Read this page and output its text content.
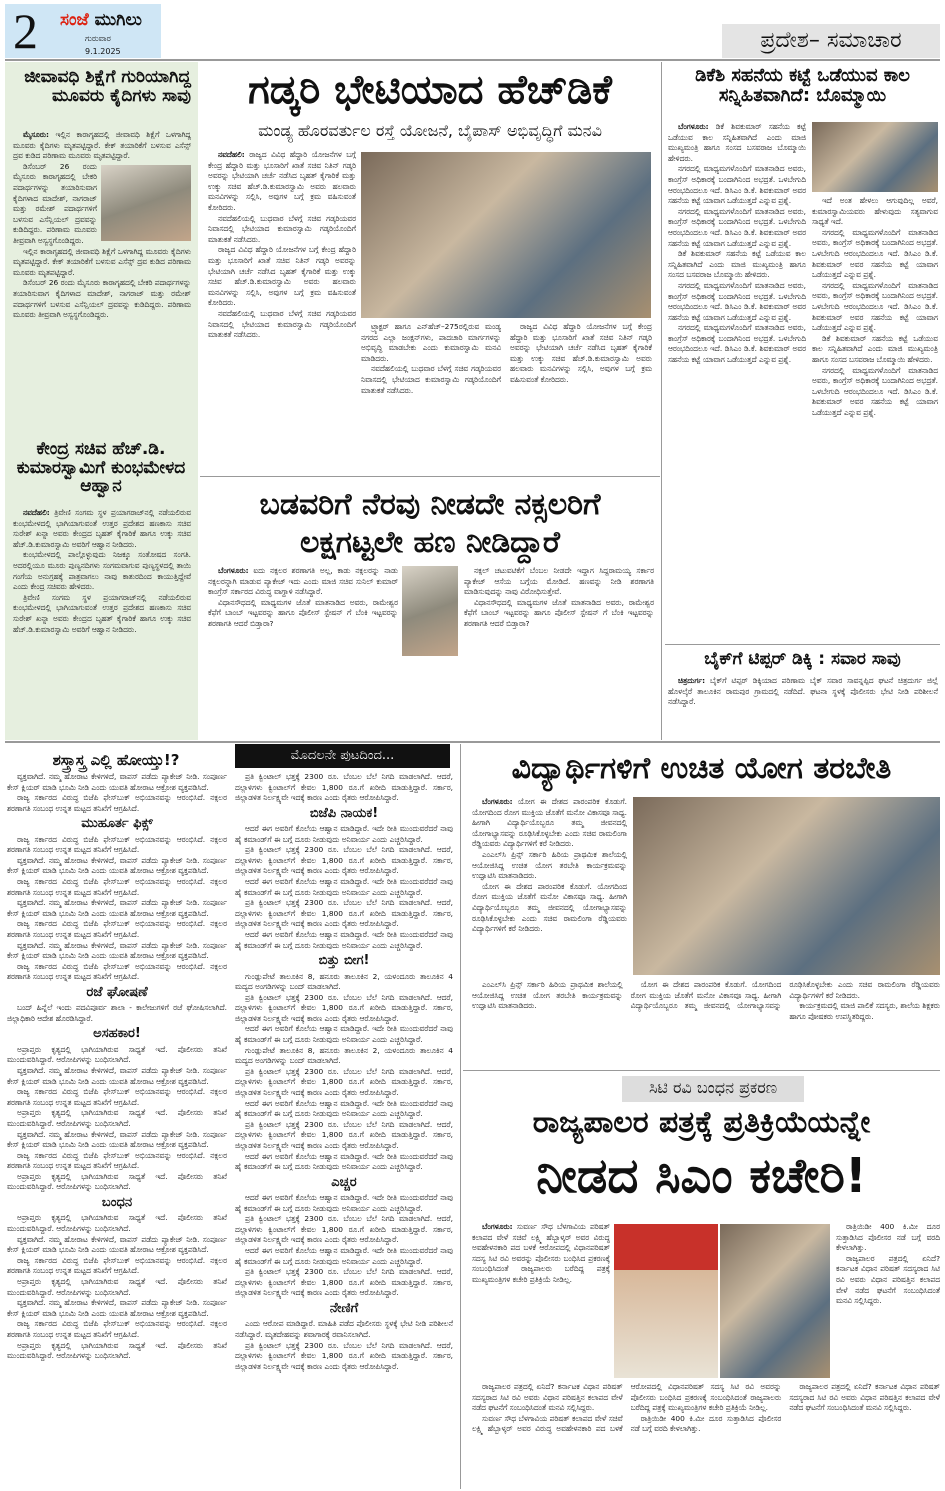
2 ಸಂಜೆ ಮುಗಿಲು
ಗುರುವಾರ
9.1.2025	ಪ್ರದೇಶ– ಸಮಾಚಾರ
ಜೀವಾವಧಿ ಶಿಕ್ಷೆಗೆ ಗುರಿಯಾಗಿದ್ದ ಮೂವರು ಕೈದಿಗಳು ಸಾವು

ಮೈಸೂರು: ಇಲ್ಲಿನ ಕಾರಾಗೃಹದಲ್ಲಿ ಜೀವಾವಧಿ ಶಿಕ್ಷೆಗೆ ಒಳಗಾಗಿದ್ದ ಮೂವರು ಕೈದಿಗಳು ಮೃತಪಟ್ಟಿದ್ದಾರೆ. ಕೇಕ್ ತಯಾರಿಕೆಗೆ ಬಳಸುವ ಎಸೆನ್ಸ್ ದ್ರವ ಕುಡಿದ ಪರಿಣಾಮ ಮೂವರು ಮೃತಪಟ್ಟಿದ್ದಾರೆ.

ಡಿಸೆಂಬರ್ 26 ರಂದು ಮೈಸೂರು ಕಾರಾಗೃಹದಲ್ಲಿ ಬೇಕರಿ ಪದಾರ್ಥಗಳನ್ನು ತಯಾರಿಸುವಾಗ ಕೈದಿಗಳಾದ ಮಾದೇಶ್, ನಾಗರಾಜ್ ಮತ್ತು ರಮೇಶ್ ಪದಾರ್ಥಗಳಿಗೆ ಬಳಸುವ ಎಸೆನ್ಷಿಯಲ್ ದ್ರವವನ್ನು ಕುಡಿದಿದ್ದರು. ಪರಿಣಾಮ ಮೂವರು ತೀವ್ರವಾಗಿ ಅಸ್ವಸ್ಥಗೊಂಡಿದ್ದರು.

ಇಲ್ಲಿನ ಕಾರಾಗೃಹದಲ್ಲಿ ಜೀವಾವಧಿ ಶಿಕ್ಷೆಗೆ ಒಳಗಾಗಿದ್ದ ಮೂವರು ಕೈದಿಗಳು ಮೃತಪಟ್ಟಿದ್ದಾರೆ. ಕೇಕ್ ತಯಾರಿಕೆಗೆ ಬಳಸುವ ಎಸೆನ್ಸ್ ದ್ರವ ಕುಡಿದ ಪರಿಣಾಮ ಮೂವರು ಮೃತಪಟ್ಟಿದ್ದಾರೆ.

ಡಿಸೆಂಬರ್ 26 ರಂದು ಮೈಸೂರು ಕಾರಾಗೃಹದಲ್ಲಿ ಬೇಕರಿ ಪದಾರ್ಥಗಳನ್ನು ತಯಾರಿಸುವಾಗ ಕೈದಿಗಳಾದ ಮಾದೇಶ್, ನಾಗರಾಜ್ ಮತ್ತು ರಮೇಶ್ ಪದಾರ್ಥಗಳಿಗೆ ಬಳಸುವ ಎಸೆನ್ಷಿಯಲ್ ದ್ರವವನ್ನು ಕುಡಿದಿದ್ದರು. ಪರಿಣಾಮ ಮೂವರು ತೀವ್ರವಾಗಿ ಅಸ್ವಸ್ಥಗೊಂಡಿದ್ದರು.

ಕೇಂದ್ರ ಸಚಿವ ಹೆಚ್.ಡಿ. ಕುಮಾರಸ್ವಾಮಿಗೆ ಕುಂಭಮೇಳದ ಆಹ್ವಾನ

ನವದೆಹಲಿ: ತ್ರಿವೇಣಿ ಸಂಗಮ ಸ್ಥಳ ಪ್ರಯಾಗರಾಜ್‌ನಲ್ಲಿ ನಡೆಯಲಿರುವ ಕುಂಭಮೇಳದಲ್ಲಿ ಭಾಗಿಯಾಗುವಂತೆ ಉತ್ತರ ಪ್ರದೇಶದ ಹಣಕಾಸು ಸಚಿವ ಸುರೇಶ್ ಖನ್ನಾ ಅವರು ಕೇಂದ್ರದ ಬೃಹತ್ ಕೈಗಾರಿಕೆ ಹಾಗೂ ಉಕ್ಕು ಸಚಿವ ಹೆಚ್.ಡಿ.ಕುಮಾರಸ್ವಾಮಿ ಅವರಿಗೆ ಆಹ್ವಾನ ನೀಡಿದರು.

ಕುಂಭಮೇಳದಲ್ಲಿ ಪಾಲ್ಗೊಳ್ಳುವುದು ನಿಜಕ್ಕೂ ಸಂತೋಷದ ಸಂಗತಿ. ಅದರಲ್ಲಿಯೂ ಮೂರು ಪುಣ್ಯನದಿಗಳು ಸಂಗಮವಾಗುವ ಪುಣ್ಯಸ್ಥಳದಲ್ಲಿ ತಾಯಿ ಗಂಗೆಯ ಅನುಗ್ರಹಕ್ಕೆ ಪಾತ್ರವಾಗಲು ನಾವು ಕಾತುರದಿಂದ ಕಾಯುತ್ತಿದ್ದೇವೆ ಎಂದು ಕೇಂದ್ರ ಸಚಿವರು ಹೇಳಿದರು.

ತ್ರಿವೇಣಿ ಸಂಗಮ ಸ್ಥಳ ಪ್ರಯಾಗರಾಜ್‌ನಲ್ಲಿ ನಡೆಯಲಿರುವ ಕುಂಭಮೇಳದಲ್ಲಿ ಭಾಗಿಯಾಗುವಂತೆ ಉತ್ತರ ಪ್ರದೇಶದ ಹಣಕಾಸು ಸಚಿವ ಸುರೇಶ್ ಖನ್ನಾ ಅವರು ಕೇಂದ್ರದ ಬೃಹತ್ ಕೈಗಾರಿಕೆ ಹಾಗೂ ಉಕ್ಕು ಸಚಿವ ಹೆಚ್.ಡಿ.ಕುಮಾರಸ್ವಾಮಿ ಅವರಿಗೆ ಆಹ್ವಾನ ನೀಡಿದರು.

ಗಡ್ಕರಿ ಭೇಟಿಯಾದ ಹೆಚ್‌ಡಿಕೆ
ಮಂಡ್ಯ ಹೊರವರ್ತುಲ ರಸ್ತೆ ಯೋಜನೆ, ಬೈಪಾಸ್ ಅಭಿವೃದ್ಧಿಗೆ ಮನವಿ

ನವದೆಹಲಿ: ರಾಜ್ಯದ ವಿವಿಧ ಹೆದ್ದಾರಿ ಯೋಜನೆಗಳ ಬಗ್ಗೆ ಕೇಂದ್ರ ಹೆದ್ದಾರಿ ಮತ್ತು ಭೂಸಾರಿಗೆ ಖಾತೆ ಸಚಿವ ನಿತಿನ್ ಗಡ್ಕರಿ ಅವರನ್ನು ಭೇಟಿಯಾಗಿ ಚರ್ಚೆ ನಡೆಸಿದ ಬೃಹತ್ ಕೈಗಾರಿಕೆ ಮತ್ತು ಉಕ್ಕು ಸಚಿವ ಹೆಚ್.ಡಿ.ಕುಮಾರಸ್ವಾಮಿ ಅವರು ಹಲವಾರು ಮನವಿಗಳನ್ನು ಸಲ್ಲಿಸಿ, ಅವುಗಳ ಬಗ್ಗೆ ಕ್ರಮ ವಹಿಸುವಂತೆ ಕೋರಿದರು.

ನವದೆಹಲಿಯಲ್ಲಿ ಬುಧವಾರ ಬೆಳಗ್ಗೆ ಸಚಿವ ಗಡ್ಕರಿಯವರ ನಿವಾಸದಲ್ಲಿ ಭೇಟಿಯಾದ ಕುಮಾರಸ್ವಾಮಿ ಗಡ್ಕರಿಯೊಂದಿಗೆ ಮಾತುಕತೆ ನಡೆಸಿದರು.

ರಾಜ್ಯದ ವಿವಿಧ ಹೆದ್ದಾರಿ ಯೋಜನೆಗಳ ಬಗ್ಗೆ ಕೇಂದ್ರ ಹೆದ್ದಾರಿ ಮತ್ತು ಭೂಸಾರಿಗೆ ಖಾತೆ ಸಚಿವ ನಿತಿನ್ ಗಡ್ಕರಿ ಅವರನ್ನು ಭೇಟಿಯಾಗಿ ಚರ್ಚೆ ನಡೆಸಿದ ಬೃಹತ್ ಕೈಗಾರಿಕೆ ಮತ್ತು ಉಕ್ಕು ಸಚಿವ ಹೆಚ್.ಡಿ.ಕುಮಾರಸ್ವಾಮಿ ಅವರು ಹಲವಾರು ಮನವಿಗಳನ್ನು ಸಲ್ಲಿಸಿ, ಅವುಗಳ ಬಗ್ಗೆ ಕ್ರಮ ವಹಿಸುವಂತೆ ಕೋರಿದರು.

ನವದೆಹಲಿಯಲ್ಲಿ ಬುಧವಾರ ಬೆಳಗ್ಗೆ ಸಚಿವ ಗಡ್ಕರಿಯವರ ನಿವಾಸದಲ್ಲಿ ಭೇಟಿಯಾದ ಕುಮಾರಸ್ವಾಮಿ ಗಡ್ಕರಿಯೊಂದಿಗೆ ಮಾತುಕತೆ ನಡೆಸಿದರು.

ಟ್ರ್ಯಾಕ್ಟರ್ ಹಾಗೂ ಎನ್‌ಹೆಚ್–275ರಲ್ಲಿರುವ ಮಂಡ್ಯ ನಗರದ ಎಲ್ಲಾ ಜಂಕ್ಷನ್‌ಗಳು, ಪಾದಚಾರಿ ಮಾರ್ಗಗಳನ್ನು ಅಭಿವೃದ್ಧಿ ಮಾಡಬೇಕು ಎಂದು ಕುಮಾರಸ್ವಾಮಿ ಮನವಿ ಮಾಡಿದರು.

ನವದೆಹಲಿಯಲ್ಲಿ ಬುಧವಾರ ಬೆಳಗ್ಗೆ ಸಚಿವ ಗಡ್ಕರಿಯವರ ನಿವಾಸದಲ್ಲಿ ಭೇಟಿಯಾದ ಕುಮಾರಸ್ವಾಮಿ ಗಡ್ಕರಿಯೊಂದಿಗೆ ಮಾತುಕತೆ ನಡೆಸಿದರು.

ರಾಜ್ಯದ ವಿವಿಧ ಹೆದ್ದಾರಿ ಯೋಜನೆಗಳ ಬಗ್ಗೆ ಕೇಂದ್ರ ಹೆದ್ದಾರಿ ಮತ್ತು ಭೂಸಾರಿಗೆ ಖಾತೆ ಸಚಿವ ನಿತಿನ್ ಗಡ್ಕರಿ ಅವರನ್ನು ಭೇಟಿಯಾಗಿ ಚರ್ಚೆ ನಡೆಸಿದ ಬೃಹತ್ ಕೈಗಾರಿಕೆ ಮತ್ತು ಉಕ್ಕು ಸಚಿವ ಹೆಚ್.ಡಿ.ಕುಮಾರಸ್ವಾಮಿ ಅವರು ಹಲವಾರು ಮನವಿಗಳನ್ನು ಸಲ್ಲಿಸಿ, ಅವುಗಳ ಬಗ್ಗೆ ಕ್ರಮ ವಹಿಸುವಂತೆ ಕೋರಿದರು.

ಬಡವರಿಗೆ ನೆರವು ನೀಡದೇ ನಕ್ಸಲರಿಗೆ
ಲಕ್ಷಗಟ್ಟಲೇ ಹಣ ನೀಡಿದ್ದಾರೆ

ಬೆಂಗಳೂರು: ಐದು ನಕ್ಸಲರ ಶರಣಾಗತಿ ಅಲ್ಲ, ಕಾಡು ನಕ್ಸಲರನ್ನು ನಾಡು ನಕ್ಸಲರನ್ನಾಗಿ ಮಾಡುವ ಪ್ಯಾಕೇಜ್ ಇದು ಎಂದು ಮಾಜಿ ಸಚಿವ ಸುನಿಲ್ ಕುಮಾರ್ ಕಾಂಗ್ರೆಸ್ ಸರ್ಕಾರದ ವಿರುದ್ಧ ವಾಗ್ದಾಳಿ ನಡೆಸಿದ್ದಾರೆ.

ವಿಧಾನಸೌಧದಲ್ಲಿ ಮಾಧ್ಯಮಗಳ ಜೊತೆ ಮಾತನಾಡಿದ ಅವರು, ರಾಮೇಶ್ವರ ಕೆಫೆಗೆ ಬಾಂಬ್ ಇಟ್ಟವರನ್ನು ಹಾಗೂ ಪೊಲೀಸ್ ಸ್ಟೇಷನ್ ಗೆ ಬೆಂಕಿ ಇಟ್ಟವರನ್ನು ಶರಣಾಗತಿ ಆದರೆ ಬಿಡ್ತಾರಾ?

ನಕ್ಸಲ್ ಚಟುವಟಿಕೆಗೆ ಬೆಂಬಲ ನೀಡದೇ ಇದ್ದಾಗ ಸಿದ್ದರಾಮಯ್ಯ ಸರ್ಕಾರ ಪ್ಯಾಕೇಜ್ ಆಸೆಯ ಬಗ್ಗೆಯ ಮೋಡಿದೆ. ಹಣವನ್ನು ನೀಡಿ ಶರಣಾಗತಿ ಮಾಡಿಸುವುದನ್ನು ನಾವು ವಿರೋಧಿಸುತ್ತೇವೆ.

ವಿಧಾನಸೌಧದಲ್ಲಿ ಮಾಧ್ಯಮಗಳ ಜೊತೆ ಮಾತನಾಡಿದ ಅವರು, ರಾಮೇಶ್ವರ ಕೆಫೆಗೆ ಬಾಂಬ್ ಇಟ್ಟವರನ್ನು ಹಾಗೂ ಪೊಲೀಸ್ ಸ್ಟೇಷನ್ ಗೆ ಬೆಂಕಿ ಇಟ್ಟವರನ್ನು ಶರಣಾಗತಿ ಆದರೆ ಬಿಡ್ತಾರಾ?

ಡಿಕೆಶಿ ಸಹನೆಯ ಕಟ್ಟೆ ಒಡೆಯುವ ಕಾಲ ಸನ್ನಿಹಿತವಾಗಿದೆ: ಬೊಮ್ಮಾಯಿ

ಬೆಂಗಳೂರು: ಡಿಕೆ ಶಿವಕುಮಾರ್ ಸಹನೆಯ ಕಟ್ಟೆ ಒಡೆಯುವ ಕಾಲ ಸನ್ನಿಹಿತವಾಗಿದೆ ಎಂದು ಮಾಜಿ ಮುಖ್ಯಮಂತ್ರಿ ಹಾಗೂ ಸಂಸದ ಬಸವರಾಜ ಬೊಮ್ಮಾಯಿ ಹೇಳಿದರು.

ನಗರದಲ್ಲಿ ಮಾಧ್ಯಮಗಳೊಂದಿಗೆ ಮಾತನಾಡಿದ ಅವರು, ಕಾಂಗ್ರೆಸ್ ಅಧಿಕಾರಕ್ಕೆ ಬಂದಾಗಿನಿಂದ ಅಭದ್ರತೆ. ಒಳಬೇಗುದಿ ಆರಂಭದಿಂದಲೂ ಇದೆ. ಡಿಸಿಎಂ ಡಿ.ಕೆ. ಶಿವಕುಮಾರ್ ಅವರ ಸಹನೆಯ ಕಟ್ಟೆ ಯಾವಾಗ ಒಡೆಯುತ್ತದೆ ಎನ್ನುವ ಪ್ರಶ್ನೆ.

ನಗರದಲ್ಲಿ ಮಾಧ್ಯಮಗಳೊಂದಿಗೆ ಮಾತನಾಡಿದ ಅವರು, ಕಾಂಗ್ರೆಸ್ ಅಧಿಕಾರಕ್ಕೆ ಬಂದಾಗಿನಿಂದ ಅಭದ್ರತೆ. ಒಳಬೇಗುದಿ ಆರಂಭದಿಂದಲೂ ಇದೆ. ಡಿಸಿಎಂ ಡಿ.ಕೆ. ಶಿವಕುಮಾರ್ ಅವರ ಸಹನೆಯ ಕಟ್ಟೆ ಯಾವಾಗ ಒಡೆಯುತ್ತದೆ ಎನ್ನುವ ಪ್ರಶ್ನೆ.

ಡಿಕೆ ಶಿವಕುಮಾರ್ ಸಹನೆಯ ಕಟ್ಟೆ ಒಡೆಯುವ ಕಾಲ ಸನ್ನಿಹಿತವಾಗಿದೆ ಎಂದು ಮಾಜಿ ಮುಖ್ಯಮಂತ್ರಿ ಹಾಗೂ ಸಂಸದ ಬಸವರಾಜ ಬೊಮ್ಮಾಯಿ ಹೇಳಿದರು.

ನಗರದಲ್ಲಿ ಮಾಧ್ಯಮಗಳೊಂದಿಗೆ ಮಾತನಾಡಿದ ಅವರು, ಕಾಂಗ್ರೆಸ್ ಅಧಿಕಾರಕ್ಕೆ ಬಂದಾಗಿನಿಂದ ಅಭದ್ರತೆ. ಒಳಬೇಗುದಿ ಆರಂಭದಿಂದಲೂ ಇದೆ. ಡಿಸಿಎಂ ಡಿ.ಕೆ. ಶಿವಕುಮಾರ್ ಅವರ ಸಹನೆಯ ಕಟ್ಟೆ ಯಾವಾಗ ಒಡೆಯುತ್ತದೆ ಎನ್ನುವ ಪ್ರಶ್ನೆ.

ನಗರದಲ್ಲಿ ಮಾಧ್ಯಮಗಳೊಂದಿಗೆ ಮಾತನಾಡಿದ ಅವರು, ಕಾಂಗ್ರೆಸ್ ಅಧಿಕಾರಕ್ಕೆ ಬಂದಾಗಿನಿಂದ ಅಭದ್ರತೆ. ಒಳಬೇಗುದಿ ಆರಂಭದಿಂದಲೂ ಇದೆ. ಡಿಸಿಎಂ ಡಿ.ಕೆ. ಶಿವಕುಮಾರ್ ಅವರ ಸಹನೆಯ ಕಟ್ಟೆ ಯಾವಾಗ ಒಡೆಯುತ್ತದೆ ಎನ್ನುವ ಪ್ರಶ್ನೆ.

ಇದೆ ಅಂತ ಹೇಳಲು ಆಗುವುದಿಲ್ಲ ಅವರೆ, ಕುಮಾರಸ್ವಾಮಿಯವರು ಹೇಳುವುದು ಸತ್ಯವಾಗುವ ಸಾಧ್ಯತೆ ಇದೆ.

ನಗರದಲ್ಲಿ ಮಾಧ್ಯಮಗಳೊಂದಿಗೆ ಮಾತನಾಡಿದ ಅವರು, ಕಾಂಗ್ರೆಸ್ ಅಧಿಕಾರಕ್ಕೆ ಬಂದಾಗಿನಿಂದ ಅಭದ್ರತೆ. ಒಳಬೇಗುದಿ ಆರಂಭದಿಂದಲೂ ಇದೆ. ಡಿಸಿಎಂ ಡಿ.ಕೆ. ಶಿವಕುಮಾರ್ ಅವರ ಸಹನೆಯ ಕಟ್ಟೆ ಯಾವಾಗ ಒಡೆಯುತ್ತದೆ ಎನ್ನುವ ಪ್ರಶ್ನೆ.

ನಗರದಲ್ಲಿ ಮಾಧ್ಯಮಗಳೊಂದಿಗೆ ಮಾತನಾಡಿದ ಅವರು, ಕಾಂಗ್ರೆಸ್ ಅಧಿಕಾರಕ್ಕೆ ಬಂದಾಗಿನಿಂದ ಅಭದ್ರತೆ. ಒಳಬೇಗುದಿ ಆರಂಭದಿಂದಲೂ ಇದೆ. ಡಿಸಿಎಂ ಡಿ.ಕೆ. ಶಿವಕುಮಾರ್ ಅವರ ಸಹನೆಯ ಕಟ್ಟೆ ಯಾವಾಗ ಒಡೆಯುತ್ತದೆ ಎನ್ನುವ ಪ್ರಶ್ನೆ.

ಡಿಕೆ ಶಿವಕುಮಾರ್ ಸಹನೆಯ ಕಟ್ಟೆ ಒಡೆಯುವ ಕಾಲ ಸನ್ನಿಹಿತವಾಗಿದೆ ಎಂದು ಮಾಜಿ ಮುಖ್ಯಮಂತ್ರಿ ಹಾಗೂ ಸಂಸದ ಬಸವರಾಜ ಬೊಮ್ಮಾಯಿ ಹೇಳಿದರು.

ನಗರದಲ್ಲಿ ಮಾಧ್ಯಮಗಳೊಂದಿಗೆ ಮಾತನಾಡಿದ ಅವರು, ಕಾಂಗ್ರೆಸ್ ಅಧಿಕಾರಕ್ಕೆ ಬಂದಾಗಿನಿಂದ ಅಭದ್ರತೆ. ಒಳಬೇಗುದಿ ಆರಂಭದಿಂದಲೂ ಇದೆ. ಡಿಸಿಎಂ ಡಿ.ಕೆ. ಶಿವಕುಮಾರ್ ಅವರ ಸಹನೆಯ ಕಟ್ಟೆ ಯಾವಾಗ ಒಡೆಯುತ್ತದೆ ಎನ್ನುವ ಪ್ರಶ್ನೆ.

ಬೈಕ್‌ಗೆ ಟಿಪ್ಪರ್ ಡಿಕ್ಕಿ : ಸವಾರ ಸಾವು

ಚಿತ್ರದುರ್ಗ: ಬೈಕ್‌ಗೆ ಟಿಪ್ಪರ್ ಡಿಕ್ಕಿಯಾದ ಪರಿಣಾಮ ಬೈಕ್ ಸವಾರ ಸಾವನ್ನಪ್ಪಿದ ಘಟನೆ ಚಿತ್ರದುರ್ಗ ಜಿಲ್ಲೆ ಹೊಳಲ್ಕೆರೆ ತಾಲೂಕಿನ ರಾಮಪುರ ಗ್ರಾಮದಲ್ಲಿ ನಡೆದಿದೆ. ಘಟನಾ ಸ್ಥಳಕ್ಕೆ ಪೊಲೀಸರು ಭೇಟಿ ನೀಡಿ ಪರಿಶೀಲನೆ ನಡೆಸಿದ್ದಾರೆ.

ಶಸ್ತ್ರಾಸ್ತ್ರ ಎಲ್ಲಿ ಹೋಯ್ತು!?

ವ್ಯಕ್ತವಾಗಿದೆ. ನಮ್ಮ ಹೋರಾಟ ಕೇಳಿಗಳಿದೆ, ವಾಪಸ್ ಪಡೆದು ಪ್ಯಾಕೇಜ್ ನೀಡಿ. ಸಂಪೂರ್ಣ ಕೇಸ್ ಕ್ಲಿಯರ್ ಮಾಡಿ ಭೂಮಿ ನೀಡಿ ಎಂದು ಯುವತಿ ಹೋರಾಟ ಆಕ್ರೋಶ ವ್ಯಕ್ತಪಡಿಸಿದೆ.

ರಾಜ್ಯ ಸರ್ಕಾರದ ವಿರುದ್ಧ ಬಿಜೆಪಿ ಫೇಸ್‌ಬುಕ್ ಅಭಿಯಾನವನ್ನು ಆರಂಭಿಸಿದೆ. ನಕ್ಸಲರ ಶರಣಾಗತಿ ಸಂಬಂಧ ಉನ್ನತ ಮಟ್ಟದ ತನಿಖೆಗೆ ಆಗ್ರಹಿಸಿದೆ.

ಮುಹೂರ್ತ ಫಿಕ್ಸ್

ರಾಜ್ಯ ಸರ್ಕಾರದ ವಿರುದ್ಧ ಬಿಜೆಪಿ ಫೇಸ್‌ಬುಕ್ ಅಭಿಯಾನವನ್ನು ಆರಂಭಿಸಿದೆ. ನಕ್ಸಲರ ಶರಣಾಗತಿ ಸಂಬಂಧ ಉನ್ನತ ಮಟ್ಟದ ತನಿಖೆಗೆ ಆಗ್ರಹಿಸಿದೆ.

ವ್ಯಕ್ತವಾಗಿದೆ. ನಮ್ಮ ಹೋರಾಟ ಕೇಳಿಗಳಿದೆ, ವಾಪಸ್ ಪಡೆದು ಪ್ಯಾಕೇಜ್ ನೀಡಿ. ಸಂಪೂರ್ಣ ಕೇಸ್ ಕ್ಲಿಯರ್ ಮಾಡಿ ಭೂಮಿ ನೀಡಿ ಎಂದು ಯುವತಿ ಹೋರಾಟ ಆಕ್ರೋಶ ವ್ಯಕ್ತಪಡಿಸಿದೆ.

ರಾಜ್ಯ ಸರ್ಕಾರದ ವಿರುದ್ಧ ಬಿಜೆಪಿ ಫೇಸ್‌ಬುಕ್ ಅಭಿಯಾನವನ್ನು ಆರಂಭಿಸಿದೆ. ನಕ್ಸಲರ ಶರಣಾಗತಿ ಸಂಬಂಧ ಉನ್ನತ ಮಟ್ಟದ ತನಿಖೆಗೆ ಆಗ್ರಹಿಸಿದೆ.

ವ್ಯಕ್ತವಾಗಿದೆ. ನಮ್ಮ ಹೋರಾಟ ಕೇಳಿಗಳಿದೆ, ವಾಪಸ್ ಪಡೆದು ಪ್ಯಾಕೇಜ್ ನೀಡಿ. ಸಂಪೂರ್ಣ ಕೇಸ್ ಕ್ಲಿಯರ್ ಮಾಡಿ ಭೂಮಿ ನೀಡಿ ಎಂದು ಯುವತಿ ಹೋರಾಟ ಆಕ್ರೋಶ ವ್ಯಕ್ತಪಡಿಸಿದೆ.

ರಾಜ್ಯ ಸರ್ಕಾರದ ವಿರುದ್ಧ ಬಿಜೆಪಿ ಫೇಸ್‌ಬುಕ್ ಅಭಿಯಾನವನ್ನು ಆರಂಭಿಸಿದೆ. ನಕ್ಸಲರ ಶರಣಾಗತಿ ಸಂಬಂಧ ಉನ್ನತ ಮಟ್ಟದ ತನಿಖೆಗೆ ಆಗ್ರಹಿಸಿದೆ.

ವ್ಯಕ್ತವಾಗಿದೆ. ನಮ್ಮ ಹೋರಾಟ ಕೇಳಿಗಳಿದೆ, ವಾಪಸ್ ಪಡೆದು ಪ್ಯಾಕೇಜ್ ನೀಡಿ. ಸಂಪೂರ್ಣ ಕೇಸ್ ಕ್ಲಿಯರ್ ಮಾಡಿ ಭೂಮಿ ನೀಡಿ ಎಂದು ಯುವತಿ ಹೋರಾಟ ಆಕ್ರೋಶ ವ್ಯಕ್ತಪಡಿಸಿದೆ.

ರಾಜ್ಯ ಸರ್ಕಾರದ ವಿರುದ್ಧ ಬಿಜೆಪಿ ಫೇಸ್‌ಬುಕ್ ಅಭಿಯಾನವನ್ನು ಆರಂಭಿಸಿದೆ. ನಕ್ಸಲರ ಶರಣಾಗತಿ ಸಂಬಂಧ ಉನ್ನತ ಮಟ್ಟದ ತನಿಖೆಗೆ ಆಗ್ರಹಿಸಿದೆ.

ರಜೆ ಘೋಷಣೆ

ಬಂದ್ ಹಿನ್ನೆಲೆ ಇಂದು ಪದವಿಪೂರ್ವ ಶಾಲಾ - ಕಾಲೇಜುಗಳಿಗೆ ರಜೆ ಘೋಷಿಸಲಾಗಿದೆ. ಜಿಲ್ಲಾಧಿಕಾರಿ ಆದೇಶ ಹೊರಡಿಸಿದ್ದಾರೆ.

ಅಸಹಕಾರ!

ಅಪ್ರಾಪ್ತರು ಕೃತ್ಯದಲ್ಲಿ ಭಾಗಿಯಾಗಿರುವ ಸಾಧ್ಯತೆ ಇದೆ. ಪೊಲೀಸರು ತನಿಖೆ ಮುಂದುವರಿಸಿದ್ದಾರೆ. ಆರೋಪಿಗಳನ್ನು ಬಂಧಿಸಲಾಗಿದೆ.

ವ್ಯಕ್ತವಾಗಿದೆ. ನಮ್ಮ ಹೋರಾಟ ಕೇಳಿಗಳಿದೆ, ವಾಪಸ್ ಪಡೆದು ಪ್ಯಾಕೇಜ್ ನೀಡಿ. ಸಂಪೂರ್ಣ ಕೇಸ್ ಕ್ಲಿಯರ್ ಮಾಡಿ ಭೂಮಿ ನೀಡಿ ಎಂದು ಯುವತಿ ಹೋರಾಟ ಆಕ್ರೋಶ ವ್ಯಕ್ತಪಡಿಸಿದೆ.

ರಾಜ್ಯ ಸರ್ಕಾರದ ವಿರುದ್ಧ ಬಿಜೆಪಿ ಫೇಸ್‌ಬುಕ್ ಅಭಿಯಾನವನ್ನು ಆರಂಭಿಸಿದೆ. ನಕ್ಸಲರ ಶರಣಾಗತಿ ಸಂಬಂಧ ಉನ್ನತ ಮಟ್ಟದ ತನಿಖೆಗೆ ಆಗ್ರಹಿಸಿದೆ.

ಅಪ್ರಾಪ್ತರು ಕೃತ್ಯದಲ್ಲಿ ಭಾಗಿಯಾಗಿರುವ ಸಾಧ್ಯತೆ ಇದೆ. ಪೊಲೀಸರು ತನಿಖೆ ಮುಂದುವರಿಸಿದ್ದಾರೆ. ಆರೋಪಿಗಳನ್ನು ಬಂಧಿಸಲಾಗಿದೆ.

ವ್ಯಕ್ತವಾಗಿದೆ. ನಮ್ಮ ಹೋರಾಟ ಕೇಳಿಗಳಿದೆ, ವಾಪಸ್ ಪಡೆದು ಪ್ಯಾಕೇಜ್ ನೀಡಿ. ಸಂಪೂರ್ಣ ಕೇಸ್ ಕ್ಲಿಯರ್ ಮಾಡಿ ಭೂಮಿ ನೀಡಿ ಎಂದು ಯುವತಿ ಹೋರಾಟ ಆಕ್ರೋಶ ವ್ಯಕ್ತಪಡಿಸಿದೆ.

ರಾಜ್ಯ ಸರ್ಕಾರದ ವಿರುದ್ಧ ಬಿಜೆಪಿ ಫೇಸ್‌ಬುಕ್ ಅಭಿಯಾನವನ್ನು ಆರಂಭಿಸಿದೆ. ನಕ್ಸಲರ ಶರಣಾಗತಿ ಸಂಬಂಧ ಉನ್ನತ ಮಟ್ಟದ ತನಿಖೆಗೆ ಆಗ್ರಹಿಸಿದೆ.

ಅಪ್ರಾಪ್ತರು ಕೃತ್ಯದಲ್ಲಿ ಭಾಗಿಯಾಗಿರುವ ಸಾಧ್ಯತೆ ಇದೆ. ಪೊಲೀಸರು ತನಿಖೆ ಮುಂದುವರಿಸಿದ್ದಾರೆ. ಆರೋಪಿಗಳನ್ನು ಬಂಧಿಸಲಾಗಿದೆ.

ಬಂಧನ

ಅಪ್ರಾಪ್ತರು ಕೃತ್ಯದಲ್ಲಿ ಭಾಗಿಯಾಗಿರುವ ಸಾಧ್ಯತೆ ಇದೆ. ಪೊಲೀಸರು ತನಿಖೆ ಮುಂದುವರಿಸಿದ್ದಾರೆ. ಆರೋಪಿಗಳನ್ನು ಬಂಧಿಸಲಾಗಿದೆ.

ವ್ಯಕ್ತವಾಗಿದೆ. ನಮ್ಮ ಹೋರಾಟ ಕೇಳಿಗಳಿದೆ, ವಾಪಸ್ ಪಡೆದು ಪ್ಯಾಕೇಜ್ ನೀಡಿ. ಸಂಪೂರ್ಣ ಕೇಸ್ ಕ್ಲಿಯರ್ ಮಾಡಿ ಭೂಮಿ ನೀಡಿ ಎಂದು ಯುವತಿ ಹೋರಾಟ ಆಕ್ರೋಶ ವ್ಯಕ್ತಪಡಿಸಿದೆ.

ರಾಜ್ಯ ಸರ್ಕಾರದ ವಿರುದ್ಧ ಬಿಜೆಪಿ ಫೇಸ್‌ಬುಕ್ ಅಭಿಯಾನವನ್ನು ಆರಂಭಿಸಿದೆ. ನಕ್ಸಲರ ಶರಣಾಗತಿ ಸಂಬಂಧ ಉನ್ನತ ಮಟ್ಟದ ತನಿಖೆಗೆ ಆಗ್ರಹಿಸಿದೆ.

ಅಪ್ರಾಪ್ತರು ಕೃತ್ಯದಲ್ಲಿ ಭಾಗಿಯಾಗಿರುವ ಸಾಧ್ಯತೆ ಇದೆ. ಪೊಲೀಸರು ತನಿಖೆ ಮುಂದುವರಿಸಿದ್ದಾರೆ. ಆರೋಪಿಗಳನ್ನು ಬಂಧಿಸಲಾಗಿದೆ.

ವ್ಯಕ್ತವಾಗಿದೆ. ನಮ್ಮ ಹೋರಾಟ ಕೇಳಿಗಳಿದೆ, ವಾಪಸ್ ಪಡೆದು ಪ್ಯಾಕೇಜ್ ನೀಡಿ. ಸಂಪೂರ್ಣ ಕೇಸ್ ಕ್ಲಿಯರ್ ಮಾಡಿ ಭೂಮಿ ನೀಡಿ ಎಂದು ಯುವತಿ ಹೋರಾಟ ಆಕ್ರೋಶ ವ್ಯಕ್ತಪಡಿಸಿದೆ.

ರಾಜ್ಯ ಸರ್ಕಾರದ ವಿರುದ್ಧ ಬಿಜೆಪಿ ಫೇಸ್‌ಬುಕ್ ಅಭಿಯಾನವನ್ನು ಆರಂಭಿಸಿದೆ. ನಕ್ಸಲರ ಶರಣಾಗತಿ ಸಂಬಂಧ ಉನ್ನತ ಮಟ್ಟದ ತನಿಖೆಗೆ ಆಗ್ರಹಿಸಿದೆ.

ಅಪ್ರಾಪ್ತರು ಕೃತ್ಯದಲ್ಲಿ ಭಾಗಿಯಾಗಿರುವ ಸಾಧ್ಯತೆ ಇದೆ. ಪೊಲೀಸರು ತನಿಖೆ ಮುಂದುವರಿಸಿದ್ದಾರೆ. ಆರೋಪಿಗಳನ್ನು ಬಂಧಿಸಲಾಗಿದೆ.

ಮೊದಲನೇ ಪುಟದಿಂದ...

ಪ್ರತಿ ಕ್ವಿಂಟಾಲ್ ಭತ್ತಕ್ಕೆ 2300 ರೂ. ಬೆಂಬಲ ಬೆಲೆ ನಿಗದಿ ಮಾಡಲಾಗಿದೆ. ಆದರೆ, ದಲ್ಲಾಳಿಗಳು ಕ್ವಿಂಟಾಲ್‌ಗೆ ಕೇವಲ 1,800 ರೂ.ಗೆ ಖರೀದಿ ಮಾಡುತ್ತಿದ್ದಾರೆ. ಸರ್ಕಾರ, ಜಿಲ್ಲಾಡಳಿತ ನಿರ್ಲಕ್ಷ್ಯವೇ ಇದಕ್ಕೆ ಕಾರಣ ಎಂದು ರೈತರು ಆರೋಪಿಸಿದ್ದಾರೆ.

ಬಿಜೆಪಿ ನಾಯಕ!

ಆದರೆ ಈಗ ಅವರಿಗೆ ಕೊಲೆಯ ಆಹ್ವಾನ ಮಾಡಿದ್ದಾರೆ. ಇದೇ ರೀತಿ ಮುಂದುವರೆದರೆ ನಾವು ಹೈ ಕಮಾಂಡ್‌ಗೆ ಈ ಬಗ್ಗೆ ದೂರು ನೀಡುವುದು ಅನಿವಾರ್ಯ ಎಂದು ಎಚ್ಚರಿಸಿದ್ದಾರೆ.

ಪ್ರತಿ ಕ್ವಿಂಟಾಲ್ ಭತ್ತಕ್ಕೆ 2300 ರೂ. ಬೆಂಬಲ ಬೆಲೆ ನಿಗದಿ ಮಾಡಲಾಗಿದೆ. ಆದರೆ, ದಲ್ಲಾಳಿಗಳು ಕ್ವಿಂಟಾಲ್‌ಗೆ ಕೇವಲ 1,800 ರೂ.ಗೆ ಖರೀದಿ ಮಾಡುತ್ತಿದ್ದಾರೆ. ಸರ್ಕಾರ, ಜಿಲ್ಲಾಡಳಿತ ನಿರ್ಲಕ್ಷ್ಯವೇ ಇದಕ್ಕೆ ಕಾರಣ ಎಂದು ರೈತರು ಆರೋಪಿಸಿದ್ದಾರೆ.

ಆದರೆ ಈಗ ಅವರಿಗೆ ಕೊಲೆಯ ಆಹ್ವಾನ ಮಾಡಿದ್ದಾರೆ. ಇದೇ ರೀತಿ ಮುಂದುವರೆದರೆ ನಾವು ಹೈ ಕಮಾಂಡ್‌ಗೆ ಈ ಬಗ್ಗೆ ದೂರು ನೀಡುವುದು ಅನಿವಾರ್ಯ ಎಂದು ಎಚ್ಚರಿಸಿದ್ದಾರೆ.

ಪ್ರತಿ ಕ್ವಿಂಟಾಲ್ ಭತ್ತಕ್ಕೆ 2300 ರೂ. ಬೆಂಬಲ ಬೆಲೆ ನಿಗದಿ ಮಾಡಲಾಗಿದೆ. ಆದರೆ, ದಲ್ಲಾಳಿಗಳು ಕ್ವಿಂಟಾಲ್‌ಗೆ ಕೇವಲ 1,800 ರೂ.ಗೆ ಖರೀದಿ ಮಾಡುತ್ತಿದ್ದಾರೆ. ಸರ್ಕಾರ, ಜಿಲ್ಲಾಡಳಿತ ನಿರ್ಲಕ್ಷ್ಯವೇ ಇದಕ್ಕೆ ಕಾರಣ ಎಂದು ರೈತರು ಆರೋಪಿಸಿದ್ದಾರೆ.

ಆದರೆ ಈಗ ಅವರಿಗೆ ಕೊಲೆಯ ಆಹ್ವಾನ ಮಾಡಿದ್ದಾರೆ. ಇದೇ ರೀತಿ ಮುಂದುವರೆದರೆ ನಾವು ಹೈ ಕಮಾಂಡ್‌ಗೆ ಈ ಬಗ್ಗೆ ದೂರು ನೀಡುವುದು ಅನಿವಾರ್ಯ ಎಂದು ಎಚ್ಚರಿಸಿದ್ದಾರೆ.

ಬಿತ್ತು ಬೀಗ!

ಗುಂಡ್ಲುಪೇಟೆ ತಾಲೂಕಿನ 8, ಹನೂರು ತಾಲೂಕಿನ 2, ಯಳಂದೂರು ತಾಲೂಕಿನ 4 ಮದ್ಯದ ಅಂಗಡಿಗಳನ್ನು ಬಂದ್ ಮಾಡಲಾಗಿದೆ.

ಪ್ರತಿ ಕ್ವಿಂಟಾಲ್ ಭತ್ತಕ್ಕೆ 2300 ರೂ. ಬೆಂಬಲ ಬೆಲೆ ನಿಗದಿ ಮಾಡಲಾಗಿದೆ. ಆದರೆ, ದಲ್ಲಾಳಿಗಳು ಕ್ವಿಂಟಾಲ್‌ಗೆ ಕೇವಲ 1,800 ರೂ.ಗೆ ಖರೀದಿ ಮಾಡುತ್ತಿದ್ದಾರೆ. ಸರ್ಕಾರ, ಜಿಲ್ಲಾಡಳಿತ ನಿರ್ಲಕ್ಷ್ಯವೇ ಇದಕ್ಕೆ ಕಾರಣ ಎಂದು ರೈತರು ಆರೋಪಿಸಿದ್ದಾರೆ.

ಆದರೆ ಈಗ ಅವರಿಗೆ ಕೊಲೆಯ ಆಹ್ವಾನ ಮಾಡಿದ್ದಾರೆ. ಇದೇ ರೀತಿ ಮುಂದುವರೆದರೆ ನಾವು ಹೈ ಕಮಾಂಡ್‌ಗೆ ಈ ಬಗ್ಗೆ ದೂರು ನೀಡುವುದು ಅನಿವಾರ್ಯ ಎಂದು ಎಚ್ಚರಿಸಿದ್ದಾರೆ.

ಗುಂಡ್ಲುಪೇಟೆ ತಾಲೂಕಿನ 8, ಹನೂರು ತಾಲೂಕಿನ 2, ಯಳಂದೂರು ತಾಲೂಕಿನ 4 ಮದ್ಯದ ಅಂಗಡಿಗಳನ್ನು ಬಂದ್ ಮಾಡಲಾಗಿದೆ.

ಪ್ರತಿ ಕ್ವಿಂಟಾಲ್ ಭತ್ತಕ್ಕೆ 2300 ರೂ. ಬೆಂಬಲ ಬೆಲೆ ನಿಗದಿ ಮಾಡಲಾಗಿದೆ. ಆದರೆ, ದಲ್ಲಾಳಿಗಳು ಕ್ವಿಂಟಾಲ್‌ಗೆ ಕೇವಲ 1,800 ರೂ.ಗೆ ಖರೀದಿ ಮಾಡುತ್ತಿದ್ದಾರೆ. ಸರ್ಕಾರ, ಜಿಲ್ಲಾಡಳಿತ ನಿರ್ಲಕ್ಷ್ಯವೇ ಇದಕ್ಕೆ ಕಾರಣ ಎಂದು ರೈತರು ಆರೋಪಿಸಿದ್ದಾರೆ.

ಆದರೆ ಈಗ ಅವರಿಗೆ ಕೊಲೆಯ ಆಹ್ವಾನ ಮಾಡಿದ್ದಾರೆ. ಇದೇ ರೀತಿ ಮುಂದುವರೆದರೆ ನಾವು ಹೈ ಕಮಾಂಡ್‌ಗೆ ಈ ಬಗ್ಗೆ ದೂರು ನೀಡುವುದು ಅನಿವಾರ್ಯ ಎಂದು ಎಚ್ಚರಿಸಿದ್ದಾರೆ.

ಪ್ರತಿ ಕ್ವಿಂಟಾಲ್ ಭತ್ತಕ್ಕೆ 2300 ರೂ. ಬೆಂಬಲ ಬೆಲೆ ನಿಗದಿ ಮಾಡಲಾಗಿದೆ. ಆದರೆ, ದಲ್ಲಾಳಿಗಳು ಕ್ವಿಂಟಾಲ್‌ಗೆ ಕೇವಲ 1,800 ರೂ.ಗೆ ಖರೀದಿ ಮಾಡುತ್ತಿದ್ದಾರೆ. ಸರ್ಕಾರ, ಜಿಲ್ಲಾಡಳಿತ ನಿರ್ಲಕ್ಷ್ಯವೇ ಇದಕ್ಕೆ ಕಾರಣ ಎಂದು ರೈತರು ಆರೋಪಿಸಿದ್ದಾರೆ.

ಆದರೆ ಈಗ ಅವರಿಗೆ ಕೊಲೆಯ ಆಹ್ವಾನ ಮಾಡಿದ್ದಾರೆ. ಇದೇ ರೀತಿ ಮುಂದುವರೆದರೆ ನಾವು ಹೈ ಕಮಾಂಡ್‌ಗೆ ಈ ಬಗ್ಗೆ ದೂರು ನೀಡುವುದು ಅನಿವಾರ್ಯ ಎಂದು ಎಚ್ಚರಿಸಿದ್ದಾರೆ.

ಎಚ್ಚರ

ಆದರೆ ಈಗ ಅವರಿಗೆ ಕೊಲೆಯ ಆಹ್ವಾನ ಮಾಡಿದ್ದಾರೆ. ಇದೇ ರೀತಿ ಮುಂದುವರೆದರೆ ನಾವು ಹೈ ಕಮಾಂಡ್‌ಗೆ ಈ ಬಗ್ಗೆ ದೂರು ನೀಡುವುದು ಅನಿವಾರ್ಯ ಎಂದು ಎಚ್ಚರಿಸಿದ್ದಾರೆ.

ಪ್ರತಿ ಕ್ವಿಂಟಾಲ್ ಭತ್ತಕ್ಕೆ 2300 ರೂ. ಬೆಂಬಲ ಬೆಲೆ ನಿಗದಿ ಮಾಡಲಾಗಿದೆ. ಆದರೆ, ದಲ್ಲಾಳಿಗಳು ಕ್ವಿಂಟಾಲ್‌ಗೆ ಕೇವಲ 1,800 ರೂ.ಗೆ ಖರೀದಿ ಮಾಡುತ್ತಿದ್ದಾರೆ. ಸರ್ಕಾರ, ಜಿಲ್ಲಾಡಳಿತ ನಿರ್ಲಕ್ಷ್ಯವೇ ಇದಕ್ಕೆ ಕಾರಣ ಎಂದು ರೈತರು ಆರೋಪಿಸಿದ್ದಾರೆ.

ಆದರೆ ಈಗ ಅವರಿಗೆ ಕೊಲೆಯ ಆಹ್ವಾನ ಮಾಡಿದ್ದಾರೆ. ಇದೇ ರೀತಿ ಮುಂದುವರೆದರೆ ನಾವು ಹೈ ಕಮಾಂಡ್‌ಗೆ ಈ ಬಗ್ಗೆ ದೂರು ನೀಡುವುದು ಅನಿವಾರ್ಯ ಎಂದು ಎಚ್ಚರಿಸಿದ್ದಾರೆ.

ಪ್ರತಿ ಕ್ವಿಂಟಾಲ್ ಭತ್ತಕ್ಕೆ 2300 ರೂ. ಬೆಂಬಲ ಬೆಲೆ ನಿಗದಿ ಮಾಡಲಾಗಿದೆ. ಆದರೆ, ದಲ್ಲಾಳಿಗಳು ಕ್ವಿಂಟಾಲ್‌ಗೆ ಕೇವಲ 1,800 ರೂ.ಗೆ ಖರೀದಿ ಮಾಡುತ್ತಿದ್ದಾರೆ. ಸರ್ಕಾರ, ಜಿಲ್ಲಾಡಳಿತ ನಿರ್ಲಕ್ಷ್ಯವೇ ಇದಕ್ಕೆ ಕಾರಣ ಎಂದು ರೈತರು ಆರೋಪಿಸಿದ್ದಾರೆ.

ನೇಣಿಗೆ

ಎಂದು ಆರೋಪ ಮಾಡಿದ್ದಾರೆ. ಮಾಹಿತಿ ಪಡೆದ ಪೊಲೀಸರು ಸ್ಥಳಕ್ಕೆ ಭೇಟಿ ನೀಡಿ ಪರಿಶೀಲನೆ ನಡೆಸಿದ್ದಾರೆ. ಮೃತದೇಹವನ್ನು ಶವಾಗಾರಕ್ಕೆ ರವಾನಿಸಲಾಗಿದೆ.

ಪ್ರತಿ ಕ್ವಿಂಟಾಲ್ ಭತ್ತಕ್ಕೆ 2300 ರೂ. ಬೆಂಬಲ ಬೆಲೆ ನಿಗದಿ ಮಾಡಲಾಗಿದೆ. ಆದರೆ, ದಲ್ಲಾಳಿಗಳು ಕ್ವಿಂಟಾಲ್‌ಗೆ ಕೇವಲ 1,800 ರೂ.ಗೆ ಖರೀದಿ ಮಾಡುತ್ತಿದ್ದಾರೆ. ಸರ್ಕಾರ, ಜಿಲ್ಲಾಡಳಿತ ನಿರ್ಲಕ್ಷ್ಯವೇ ಇದಕ್ಕೆ ಕಾರಣ ಎಂದು ರೈತರು ಆರೋಪಿಸಿದ್ದಾರೆ.

ವಿದ್ಯಾರ್ಥಿಗಳಿಗೆ ಉಚಿತ ಯೋಗ ತರಬೇತಿ

ಬೆಂಗಳೂರು: ಯೋಗ ಈ ದೇಶದ ಪಾರಂಪರಿಕ ಕೊಡುಗೆ. ಯೋಗದಿಂದ ರೋಗ ಮುಕ್ತಿಯ ಜೊತೆಗೆ ಮನೋ ವಿಕಾಸವೂ ಸಾಧ್ಯ. ಹೀಗಾಗಿ ವಿದ್ಯಾರ್ಥಿಯೊಬ್ಬರೂ ತಮ್ಮ ಜೀವನದಲ್ಲಿ ಯೋಗಾಭ್ಯಾಸವನ್ನು ರೂಢಿಸಿಕೊಳ್ಳಬೇಕು ಎಂದು ಸಚಿವ ರಾಮಲಿಂಗಾ ರೆಡ್ಡಿಯವರು ವಿದ್ಯಾರ್ಥಿಗಳಿಗೆ ಕರೆ ನೀಡಿದರು.

ಎಂಎಲ್‌ಸಿ ಪ್ರಿನ್ಸ್ ಸರ್ಕಾರಿ ಹಿರಿಯ ಪ್ರಾಥಮಿಕ ಶಾಲೆಯಲ್ಲಿ ಆಯೋಜಿಸಿದ್ದ ಉಚಿತ ಯೋಗ ತರಬೇತಿ ಕಾರ್ಯಕ್ರಮವನ್ನು ಉದ್ಘಾಟಿಸಿ ಮಾತನಾಡಿದರು.

ಯೋಗ ಈ ದೇಶದ ಪಾರಂಪರಿಕ ಕೊಡುಗೆ. ಯೋಗದಿಂದ ರೋಗ ಮುಕ್ತಿಯ ಜೊತೆಗೆ ಮನೋ ವಿಕಾಸವೂ ಸಾಧ್ಯ. ಹೀಗಾಗಿ ವಿದ್ಯಾರ್ಥಿಯೊಬ್ಬರೂ ತಮ್ಮ ಜೀವನದಲ್ಲಿ ಯೋಗಾಭ್ಯಾಸವನ್ನು ರೂಢಿಸಿಕೊಳ್ಳಬೇಕು ಎಂದು ಸಚಿವ ರಾಮಲಿಂಗಾ ರೆಡ್ಡಿಯವರು ವಿದ್ಯಾರ್ಥಿಗಳಿಗೆ ಕರೆ ನೀಡಿದರು.

ಎಂಎಲ್‌ಸಿ ಪ್ರಿನ್ಸ್ ಸರ್ಕಾರಿ ಹಿರಿಯ ಪ್ರಾಥಮಿಕ ಶಾಲೆಯಲ್ಲಿ ಆಯೋಜಿಸಿದ್ದ ಉಚಿತ ಯೋಗ ತರಬೇತಿ ಕಾರ್ಯಕ್ರಮವನ್ನು ಉದ್ಘಾಟಿಸಿ ಮಾತನಾಡಿದರು.

ಯೋಗ ಈ ದೇಶದ ಪಾರಂಪರಿಕ ಕೊಡುಗೆ. ಯೋಗದಿಂದ ರೋಗ ಮುಕ್ತಿಯ ಜೊತೆಗೆ ಮನೋ ವಿಕಾಸವೂ ಸಾಧ್ಯ. ಹೀಗಾಗಿ ವಿದ್ಯಾರ್ಥಿಯೊಬ್ಬರೂ ತಮ್ಮ ಜೀವನದಲ್ಲಿ ಯೋಗಾಭ್ಯಾಸವನ್ನು ರೂಢಿಸಿಕೊಳ್ಳಬೇಕು ಎಂದು ಸಚಿವ ರಾಮಲಿಂಗಾ ರೆಡ್ಡಿಯವರು ವಿದ್ಯಾರ್ಥಿಗಳಿಗೆ ಕರೆ ನೀಡಿದರು.

ಕಾರ್ಯಕ್ರಮದಲ್ಲಿ ಮಾಜಿ ಪಾಲಿಕೆ ಸದಸ್ಯರು, ಶಾಲೆಯ ಶಿಕ್ಷಕರು ಹಾಗೂ ಪೋಷಕರು ಉಪಸ್ಥಿತರಿದ್ದರು.

ಸಿಟಿ ರವಿ ಬಂಧನ ಪ್ರಕರಣ
ರಾಜ್ಯಪಾಲರ ಪತ್ರಕ್ಕೆ ಪ್ರತಿಕ್ರಿಯೆಯನ್ನೇ
ನೀಡದ ಸಿಎಂ ಕಚೇರಿ!

ಬೆಂಗಳೂರು: ಸುವರ್ಣ ಸೌಧ ಬೆಳಗಾವಿಯ ಪರಿಷತ್ ಕಲಾಪದ ವೇಳೆ ಸಚಿವೆ ಲಕ್ಷ್ಮಿ ಹೆಬ್ಬಾಳ್ಕರ್ ಅವರ ವಿರುದ್ಧ ಅವಹೇಳನಕಾರಿ ಪದ ಬಳಕೆ ಆರೋಪದಲ್ಲಿ ವಿಧಾನಪರಿಷತ್ ಸದಸ್ಯ ಸಿಟಿ ರವಿ ಅವರನ್ನು ಪೊಲೀಸರು ಬಂಧಿಸಿದ ಪ್ರಕರಣಕ್ಕೆ ಸಂಬಂಧಿಸಿದಂತೆ ರಾಜ್ಯಪಾಲರು ಬರೆದಿದ್ದ ಪತ್ರಕ್ಕೆ ಮುಖ್ಯಮಂತ್ರಿಗಳ ಕಚೇರಿ ಪ್ರತಿಕ್ರಿಯೆ ನೀಡಿಲ್ಲ.

ರಾತ್ರಿಯಿಡೀ 400 ಕಿ.ಮೀ ದೂರ ಸುತ್ತಾಡಿಸಿದ ಪೊಲೀಸರ ನಡೆ ಬಗ್ಗೆ ವರದಿ ಕೇಳಲಾಗಿತ್ತು.

ರಾಜ್ಯಪಾಲರ ಪತ್ರದಲ್ಲಿ ಏನಿದೆ? ಕರ್ನಾಟಕ ವಿಧಾನ ಪರಿಷತ್ ಸದಸ್ಯರಾದ ಸಿಟಿ ರವಿ ಅವರು ವಿಧಾನ ಪರಿಷತ್ತಿನ ಕಲಾಪದ ವೇಳೆ ನಡೆದ ಘಟನೆಗೆ ಸಂಬಂಧಿಸಿದಂತೆ ಮನವಿ ಸಲ್ಲಿಸಿದ್ದರು.

ರಾಜ್ಯಪಾಲರ ಪತ್ರದಲ್ಲಿ ಏನಿದೆ? ಕರ್ನಾಟಕ ವಿಧಾನ ಪರಿಷತ್ ಸದಸ್ಯರಾದ ಸಿಟಿ ರವಿ ಅವರು ವಿಧಾನ ಪರಿಷತ್ತಿನ ಕಲಾಪದ ವೇಳೆ ನಡೆದ ಘಟನೆಗೆ ಸಂಬಂಧಿಸಿದಂತೆ ಮನವಿ ಸಲ್ಲಿಸಿದ್ದರು.

ಸುವರ್ಣ ಸೌಧ ಬೆಳಗಾವಿಯ ಪರಿಷತ್ ಕಲಾಪದ ವೇಳೆ ಸಚಿವೆ ಲಕ್ಷ್ಮಿ ಹೆಬ್ಬಾಳ್ಕರ್ ಅವರ ವಿರುದ್ಧ ಅವಹೇಳನಕಾರಿ ಪದ ಬಳಕೆ ಆರೋಪದಲ್ಲಿ ವಿಧಾನಪರಿಷತ್ ಸದಸ್ಯ ಸಿಟಿ ರವಿ ಅವರನ್ನು ಪೊಲೀಸರು ಬಂಧಿಸಿದ ಪ್ರಕರಣಕ್ಕೆ ಸಂಬಂಧಿಸಿದಂತೆ ರಾಜ್ಯಪಾಲರು ಬರೆದಿದ್ದ ಪತ್ರಕ್ಕೆ ಮುಖ್ಯಮಂತ್ರಿಗಳ ಕಚೇರಿ ಪ್ರತಿಕ್ರಿಯೆ ನೀಡಿಲ್ಲ.

ರಾತ್ರಿಯಿಡೀ 400 ಕಿ.ಮೀ ದೂರ ಸುತ್ತಾಡಿಸಿದ ಪೊಲೀಸರ ನಡೆ ಬಗ್ಗೆ ವರದಿ ಕೇಳಲಾಗಿತ್ತು.

ರಾಜ್ಯಪಾಲರ ಪತ್ರದಲ್ಲಿ ಏನಿದೆ? ಕರ್ನಾಟಕ ವಿಧಾನ ಪರಿಷತ್ ಸದಸ್ಯರಾದ ಸಿಟಿ ರವಿ ಅವರು ವಿಧಾನ ಪರಿಷತ್ತಿನ ಕಲಾಪದ ವೇಳೆ ನಡೆದ ಘಟನೆಗೆ ಸಂಬಂಧಿಸಿದಂತೆ ಮನವಿ ಸಲ್ಲಿಸಿದ್ದರು.
